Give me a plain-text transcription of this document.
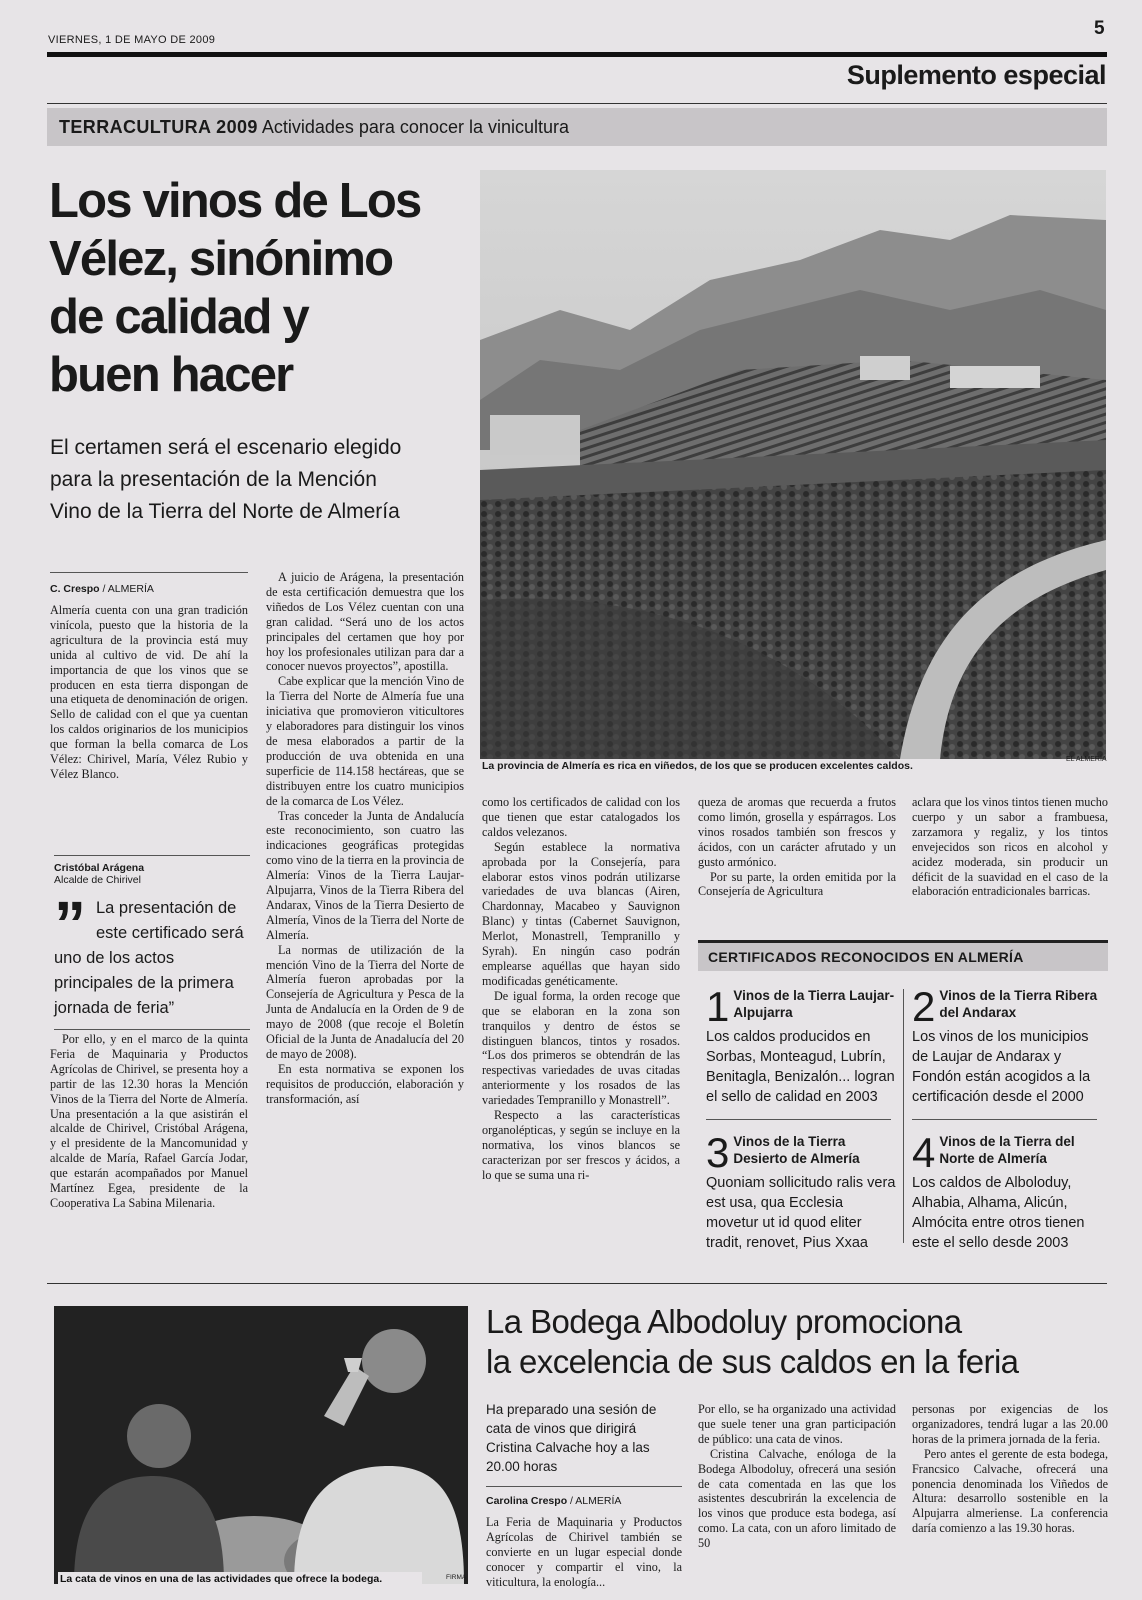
VIERNES, 1 DE MAYO DE 2009
5
Suplemento especial
TERRACULTURA 2009 Actividades para conocer la vinicultura
Los vinos de Los
Vélez, sinónimo
de calidad y
buen hacer
El certamen será el escenario elegido
para la presentación de la Mención
Vino de la Tierra del Norte de Almería
La provincia de Almería es rica en viñedos, de los que se producen excelentes caldos.
EL ALMERÍA
C. Crespo / ALMERÍA

Almería cuenta con una gran tradición vinícola, puesto que la historia de la agricultura de la provincia está muy unida al cultivo de vid. De ahí la importancia de que los vinos que se producen en esta tierra dispongan de una etiqueta de denominación de origen. Sello de calidad con el que ya cuentan los caldos originarios de los municipios que forman la bella comarca de Los Vélez: Chirivel, María, Vélez Rubio y Vélez Blanco.

Cristóbal Arágena
Alcalde de Chirivel
” La presentación de este certificado será uno de los actos principales de la primera jornada de feria”

Por ello, y en el marco de la quinta Feria de Maquinaria y Productos Agrícolas de Chirivel, se presenta hoy a partir de las 12.30 horas la Mención Vinos de la Tierra del Norte de Almería. Una presentación a la que asistirán el alcalde de Chirivel, Cristóbal Arágena, y el presidente de la Mancomunidad y alcalde de María, Rafael García Jodar, que estarán acompañados por Manuel Martínez Egea, presidente de la Cooperativa La Sabina Milenaria.

A juicio de Arágena, la presentación de esta certificación demuestra que los viñedos de Los Vélez cuentan con una gran calidad. “Será uno de los actos principales del certamen que hoy por hoy los profesionales utilizan para dar a conocer nuevos proyectos”, apostilla.

Cabe explicar que la mención Vino de la Tierra del Norte de Almería fue una iniciativa que promovieron viticultores y elaboradores para distinguir los vinos de mesa elaborados a partir de la producción de uva obtenida en una superficie de 114.158 hectáreas, que se distribuyen entre los cuatro municipios de la comarca de Los Vélez.

Tras conceder la Junta de Andalucía este reconocimiento, son cuatro las indicaciones geográficas protegidas como vino de la tierra en la provincia de Almería: Vinos de la Tierra Laujar-Alpujarra, Vinos de la Tierra Ribera del Andarax, Vinos de la Tierra Desierto de Almería, Vinos de la Tierra del Norte de Almería.

La normas de utilización de la mención Vino de la Tierra del Norte de Almería fueron aprobadas por la Consejería de Agricultura y Pesca de la Junta de Andalucía en la Orden de 9 de mayo de 2008 (que recoje el Boletín Oficial de la Junta de Anadalucía del 20 de mayo de 2008).

En esta normativa se exponen los requisitos de producción, elaboración y transformación, así

como los certificados de calidad con los que tienen que estar catalogados los caldos velezanos.

Según establece la normativa aprobada por la Consejería, para elaborar estos vinos podrán utilizarse variedades de uva blancas (Airen, Chardonnay, Macabeo y Sauvignon Blanc) y tintas (Cabernet Sauvignon, Merlot, Monastrell, Tempranillo y Syrah). En ningún caso podrán emplearse aquéllas que hayan sido modificadas genéticamente.

De igual forma, la orden recoge que que se elaboran en la zona son tranquilos y dentro de éstos se distinguen blancos, tintos y rosados. “Los dos primeros se obtendrán de las respectivas variedades de uvas citadas anteriormente y los rosados de las variedades Tempranillo y Monastrell”.

Respecto a las características organolépticas, y según se incluye en la normativa, los vinos blancos se caracterizan por ser frescos y ácidos, a lo que se suma una ri-

queza de aromas que recuerda a frutos como limón, grosella y espárragos. Los vinos rosados también son frescos y ácidos, con un carácter afrutado y un gusto armónico.

Por su parte, la orden emitida por la Consejería de Agricultura

aclara que los vinos tintos tienen mucho cuerpo y un sabor a frambuesa, zarzamora y regaliz, y los tintos envejecidos son ricos en alcohol y acidez moderada, sin producir un déficit de la suavidad en el caso de la elaboración entradicionales barricas.

CERTIFICADOS RECONOCIDOS EN ALMERÍA
1 Vinos de la Tierra Laujar-Alpujarra
Los caldos producidos en Sorbas, Monteagud, Lubrín, Benitagla, Benizalón... logran el sello de calidad en 2003
2 Vinos de la Tierra Ribera del Andarax
Los vinos de los municipios de Laujar de Andarax y Fondón están acogidos a la certificación desde el 2000
3 Vinos de la Tierra Desierto de Almería
Quoniam sollicitudo ralis vera est usa, qua Ecclesia movetur ut id quod eliter tradit, renovet, Pius Xxaa
4 Vinos de la Tierra del Norte de Almería
Los caldos de Alboloduy, Alhabia, Alhama, Alicún, Almócita entre otros tienen este el sello desde 2003
La cata de vinos en una de las actividades que ofrece la bodega.	FIRMA
La Bodega Albodoluy promociona
la excelencia de sus caldos en la feria
Ha preparado una sesión de cata de vinos que dirigirá Cristina Calvache hoy a las 20.00 horas
Carolina Crespo / ALMERÍA

La Feria de Maquinaria y Productos Agrícolas de Chirivel también se convierte en un lugar especial donde conocer y compartir el vino, la viticultura, la enología...

Por ello, se ha organizado una actividad que suele tener una gran participación de público: una cata de vinos.

Cristina Calvache, enóloga de la Bodega Albodoluy, ofrecerá una sesión de cata comentada en las que los asistentes descubrirán la excelencia de los vinos que produce esta bodega, así como. La cata, con un aforo limitado de 50

personas por exigencias de los organizadores, tendrá lugar a las 20.00 horas de la primera jornada de la feria.

Pero antes el gerente de esta bodega, Francsico Calvache, ofrecerá una ponencia denominada los Viñedos de Altura: desarrollo sostenible en la Alpujarra almeriense. La conferencia daría comienzo a las 19.30 horas.
